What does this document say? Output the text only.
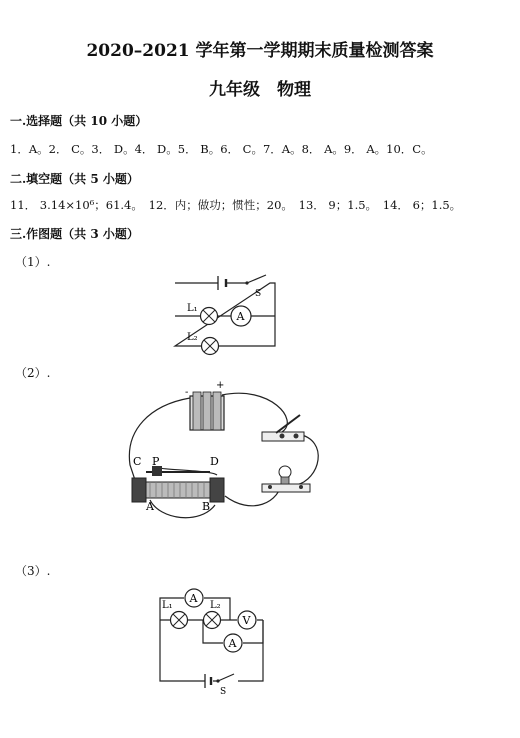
2020–2021 学年第一学期期末质量检测答案
九年级　物理
一.选择题（共 10 小题）
1．A。2． C。3． D。4． D。5． B。6． C。7．A。8． A。9． A。10．C。
二.填空题（共 5 小题）
11． 3.14×10⁶；61.4。　12．内；做功；惯性；20。　13． 9；1.5。　14． 6；1.5。
三.作图题（共 3 小题）
（1）.
（2）.
（3）.
S
L₁
A
L₂
-
+
C P	D
A	B
S
L₁	L₂
A
V
A
